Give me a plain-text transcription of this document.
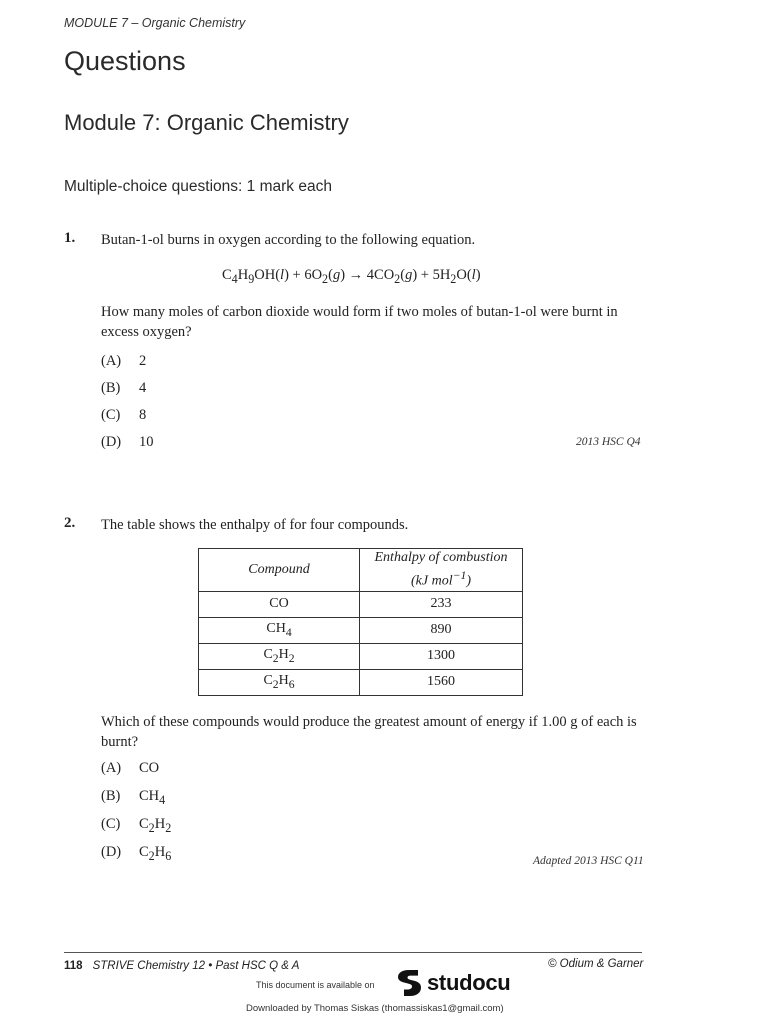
MODULE 7 – Organic Chemistry
Questions
Module 7: Organic Chemistry
Multiple-choice questions: 1 mark each
1. Butan-1-ol burns in oxygen according to the following equation.
$C_4H_9OH(l) + 6O_2(g) \to 4CO_2(g) + 5H_2O(l)$
How many moles of carbon dioxide would form if two moles of butan-1-ol were burnt in excess oxygen?
(A) 2
(B) 4
(C) 8
(D) 10	2013 HSC Q4
2. The table shows the enthalpy of for four compounds.
Compound	Enthalpy of combustion
(kJ mol$^{-1}$)
CO	233
$CH_4$	890
$C_2H_2$	1300
$C_2H_6$	1560
Which of these compounds would produce the greatest amount of energy if 1.00 g of each is burnt?
(A) CO
(B) $CH_4$
(C) $C_2H_2$
(D) $C_2H_6$	Adapted 2013 HSC Q11
118 STRIVE Chemistry 12 • Past HSC Q & A	© Odium & Garner
This document is available on studocu
Downloaded by Thomas Siskas (thomassiskas1@gmail.com)
